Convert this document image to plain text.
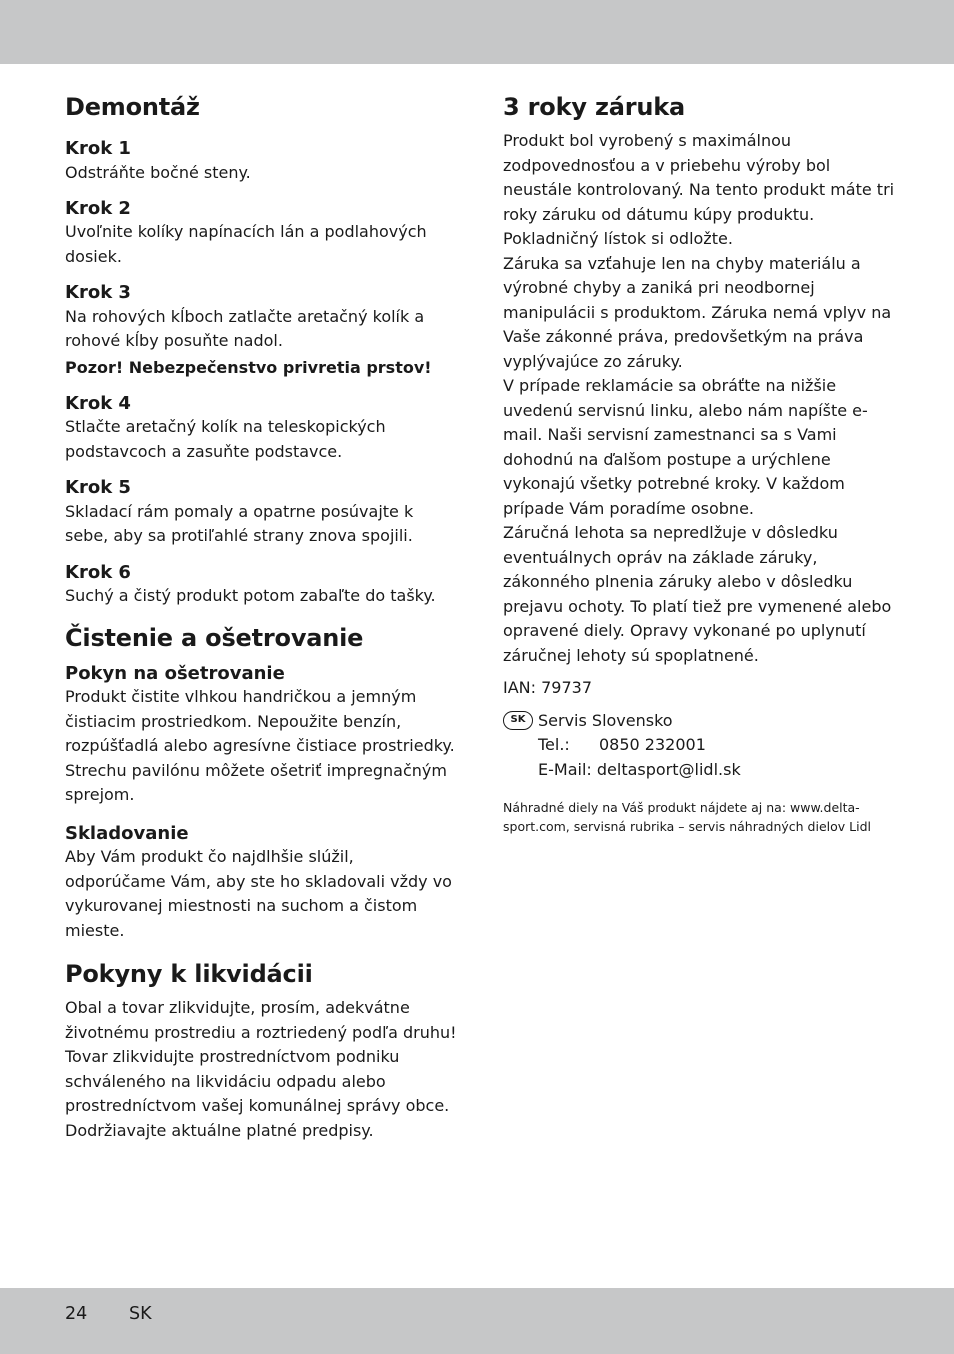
Demontáž
Krok 1

Odstráňte bočné steny.

Krok 2

Uvoľnite kolíky napínacích lán a podlahových dosiek.

Krok 3

Na rohových kĺboch zatlačte aretačný kolík a rohové kĺby posuňte nadol.

Pozor! Nebezpečenstvo privretia prstov!
Krok 4

Stlačte aretačný kolík na teleskopických podstavcoch a zasuňte podstavce.

Krok 5

Skladací rám pomaly a opatrne posúvajte k sebe, aby sa protiľahlé strany znova spojili.

Krok 6

Suchý a čistý produkt potom zabaľte do tašky.

Čistenie a ošetrovanie
Pokyn na ošetrovanie

Produkt čistite vlhkou handričkou a jemným čistiacim prostriedkom. Nepoužite benzín, rozpúšťadlá alebo agresívne čistiace prostriedky. Strechu pavilónu môžete ošetriť impregnačným sprejom.

Skladovanie

Aby Vám produkt čo najdlhšie slúžil, odporúčame Vám, aby ste ho skladovali vždy vo vykurovanej miestnosti na suchom a čistom mieste.

Pokyny k likvidácii

Obal a tovar zlikvidujte, prosím, adekvátne životnému prostrediu a roztriedený podľa druhu! Tovar zlikvidujte prostredníctvom podniku schváleného na likvidáciu odpadu alebo prostredníctvom vašej komunálnej správy obce. Dodržiavajte aktuálne platné predpisy.

3 roky záruka

Produkt bol vyrobený s maximálnou zodpovednosťou a v priebehu výroby bol neustále kontrolovaný. Na tento produkt máte tri roky záruku od dátumu kúpy produktu. Pokladničný lístok si odložte.

Záruka sa vzťahuje len na chyby materiálu a výrobné chyby a zaniká pri neodbornej manipulácii s produktom. Záruka nemá vplyv na Vaše zákonné práva, predovšetkým na práva vyplývajúce zo záruky.

V prípade reklamácie sa obráťte na nižšie uvedenú servisnú linku, alebo nám napíšte e-mail. Naši servisní zamestnanci sa s Vami dohodnú na ďalšom postupe a urýchlene vykonajú všetky potrebné kroky. V každom prípade Vám poradíme osobne.

Záručná lehota sa nepredlžuje v dôsledku eventuálnych opráv na základe záruky, zákonného plnenia záruky alebo v dôsledku prejavu ochoty. To platí tiež pre vymenené alebo opravené diely. Opravy vykonané po uplynutí záručnej lehoty sú spoplatnené.

IAN: 79737

SK Servis Slovensko
Tel.: 0850 232001
E-Mail: deltasport@lidl.sk

Náhradné diely na Váš produkt nájdete aj na: www.delta-sport.com, servisná rubrika – servis náhradných dielov Lidl

24 SK
